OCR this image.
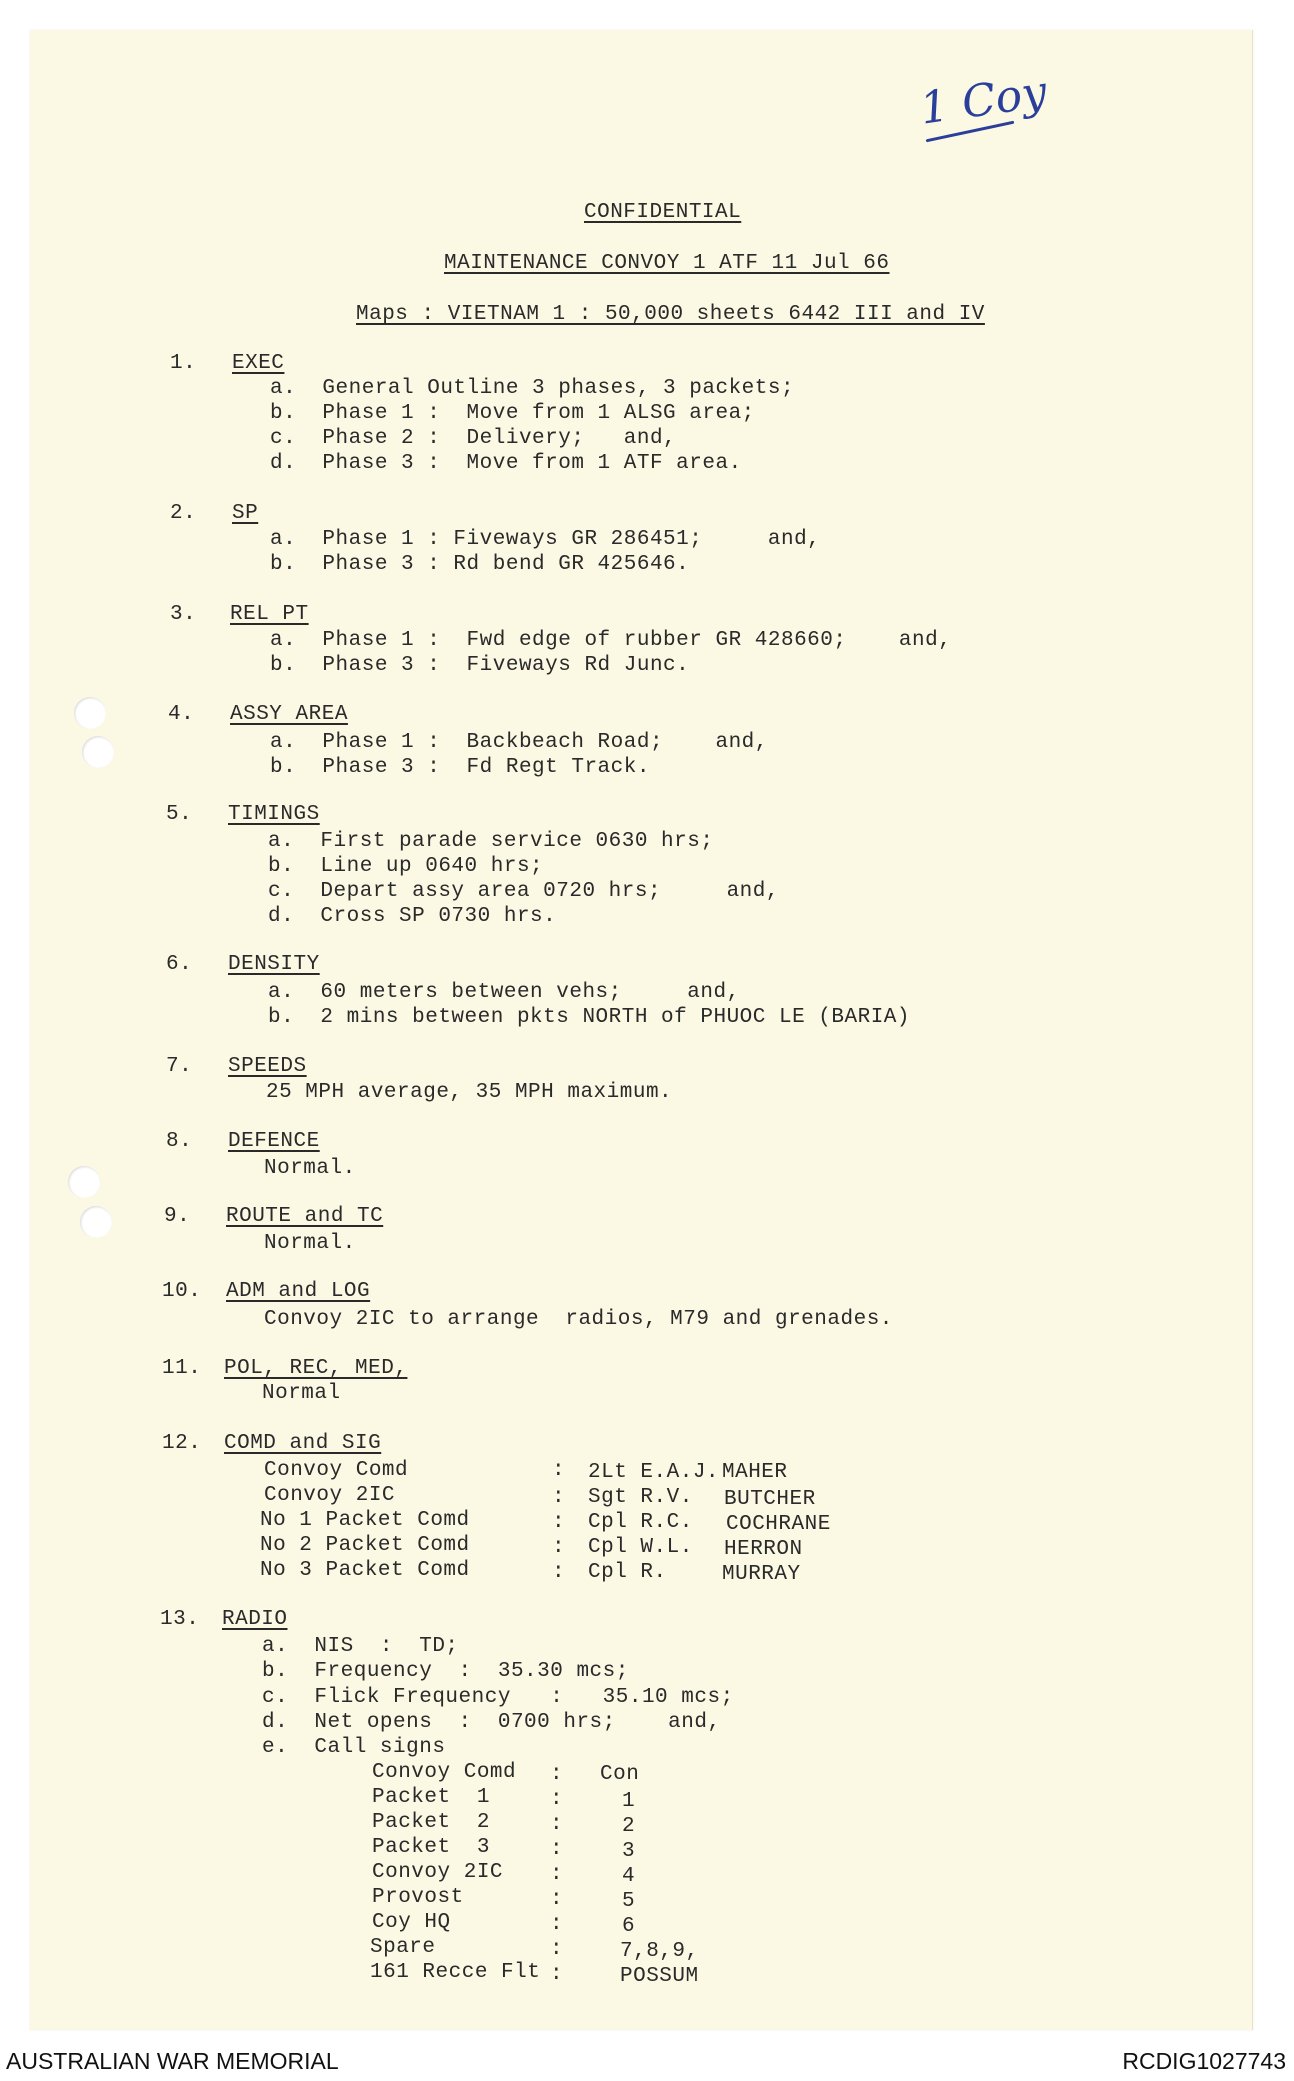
1 Coy
CONFIDENTIAL
MAINTENANCE CONVOY 1 ATF 11 Jul 66
Maps : VIETNAM 1 : 50,000 sheets 6442 III and IV
1. EXEC
a.  General Outline 3 phases, 3 packets;
b.  Phase 1 :  Move from 1 ALSG area;
c.  Phase 2 :  Delivery;   and,
d.  Phase 3 :  Move from 1 ATF area.
2. SP
a.  Phase 1 : Fiveways GR 286451;     and,
b.  Phase 3 : Rd bend GR 425646.
3. REL PT
a.  Phase 1 :  Fwd edge of rubber GR 428660;    and,
b.  Phase 3 :  Fiveways Rd Junc.
4. ASSY AREA
a.  Phase 1 :  Backbeach Road;    and,
b.  Phase 3 :  Fd Regt Track.
5. TIMINGS
a.  First parade service 0630 hrs;
b.  Line up 0640 hrs;
c.  Depart assy area 0720 hrs;     and,
d.  Cross SP 0730 hrs.
6. DENSITY
a.  60 meters between vehs;     and,
b.  2 mins between pkts NORTH of PHUOC LE (BARIA)
7. SPEEDS
25 MPH average, 35 MPH maximum.
8. DEFENCE
Normal.
9. ROUTE and TC
Normal.
10. ADM and LOG
Convoy 2IC to arrange  radios, M79 and grenades.
11. POL, REC, MED,
Normal
12. COMD and SIG
Convoy Comd	: 2Lt E.A.J. MAHER
Convoy 2IC	: Sgt R.V. BUTCHER
No 1 Packet Comd	: Cpl R.C. COCHRANE
No 2 Packet Comd	: Cpl W.L. HERRON
No 3 Packet Comd	: Cpl R.	MURRAY
13. RADIO
a.  NIS  :  TD;
b.  Frequency  :  35.30 mcs;
c.  Flick Frequency   :   35.10 mcs;
d.  Net opens  :  0700 hrs;    and,
e.  Call signs
Convoy Comd : Con
Packet  1	:	1
Packet  2	:	2
Packet  3	:	3
Convoy 2IC :	4
Provost	:	5
Coy HQ	:	6
Spare	:	7,8,9,
161 Recce Flt :	POSSUM
AUSTRALIAN WAR MEMORIAL	RCDIG1027743
